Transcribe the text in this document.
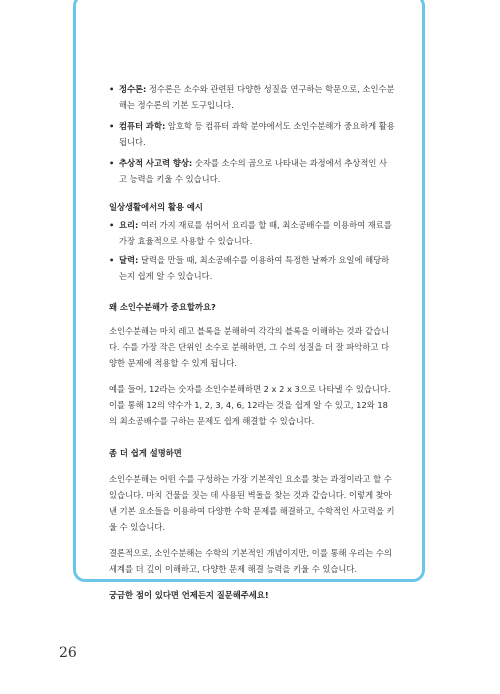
• 정수론: 정수론은 소수와 관련된 다양한 성질을 연구하는 학문으로, 소인수분해는 정수론의 기본 도구입니다.
• 컴퓨터 과학: 암호학 등 컴퓨터 과학 분야에서도 소인수분해가 중요하게 활용됩니다.
• 추상적 사고력 향상: 숫자를 소수의 곱으로 나타내는 과정에서 추상적인 사고 능력을 키울 수 있습니다.

일상생활에서의 활용 예시

• 요리: 여러 가지 재료를 섞어서 요리를 할 때, 최소공배수를 이용하여 재료를 가장 효율적으로 사용할 수 있습니다.
• 달력: 달력을 만들 때, 최소공배수를 이용하여 특정한 날짜가 요일에 해당하는지 쉽게 알 수 있습니다.

왜 소인수분해가 중요할까요?

소인수분해는 마치 레고 블록을 분해하여 각각의 블록을 이해하는 것과 같습니다. 수를 가장 작은 단위인 소수로 분해하면, 그 수의 성질을 더 잘 파악하고 다양한 문제에 적용할 수 있게 됩니다.

예를 들어, 12라는 숫자를 소인수분해하면 2 x 2 x 3으로 나타낼 수 있습니다. 이를 통해 12의 약수가 1, 2, 3, 4, 6, 12라는 것을 쉽게 알 수 있고, 12와 18의 최소공배수를 구하는 문제도 쉽게 해결할 수 있습니다.

좀 더 쉽게 설명하면

소인수분해는 어떤 수를 구성하는 가장 기본적인 요소를 찾는 과정이라고 할 수 있습니다. 마치 건물을 짓는 데 사용된 벽돌을 찾는 것과 같습니다. 이렇게 찾아낸 기본 요소들을 이용하여 다양한 수학 문제를 해결하고, 수학적인 사고력을 키울 수 있습니다.

결론적으로, 소인수분해는 수학의 기본적인 개념이지만, 이를 통해 우리는 수의 세계를 더 깊이 이해하고, 다양한 문제 해결 능력을 키울 수 있습니다.

궁금한 점이 있다면 언제든지 질문해주세요!

26
